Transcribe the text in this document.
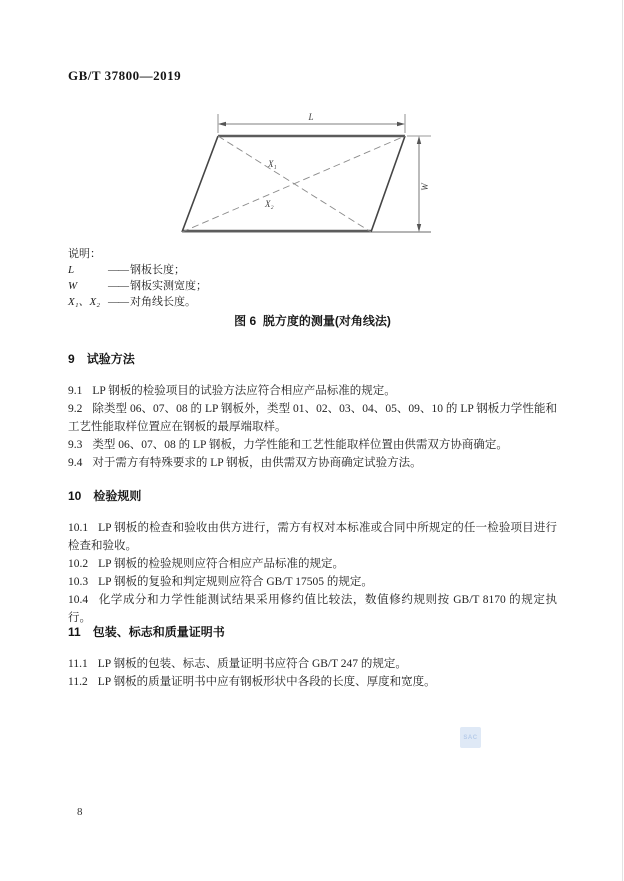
GB/T 37800—2019
L
W
X₁
X₂
说明：
L	—— 钢板长度；
W	—— 钢板实测宽度；
X₁、X₂ —— 对角线长度。
图 6 脱方度的测量(对角线法)
9 试验方法

9.1 LP 钢板的检验项目的试验方法应符合相应产品标准的规定。

9.2 除类型 06、07、08 的 LP 钢板外，类型 01、02、03、04、05、09、10 的 LP 钢板力学性能和工艺性能取样位置应在钢板的最厚端取样。

9.3 类型 06、07、08 的 LP 钢板，力学性能和工艺性能取样位置由供需双方协商确定。

9.4 对于需方有特殊要求的 LP 钢板，由供需双方协商确定试验方法。

10 检验规则

10.1 LP 钢板的检查和验收由供方进行，需方有权对本标准或合同中所规定的任一检验项目进行检查和验收。

10.2 LP 钢板的检验规则应符合相应产品标准的规定。

10.3 LP 钢板的复验和判定规则应符合 GB/T 17505 的规定。

10.4 化学成分和力学性能测试结果采用修约值比较法，数值修约规则按 GB/T 8170 的规定执行。

11 包装、标志和质量证明书

11.1 LP 钢板的包装、标志、质量证明书应符合 GB/T 247 的规定。

11.2 LP 钢板的质量证明书中应有钢板形状中各段的长度、厚度和宽度。

SAC
8
